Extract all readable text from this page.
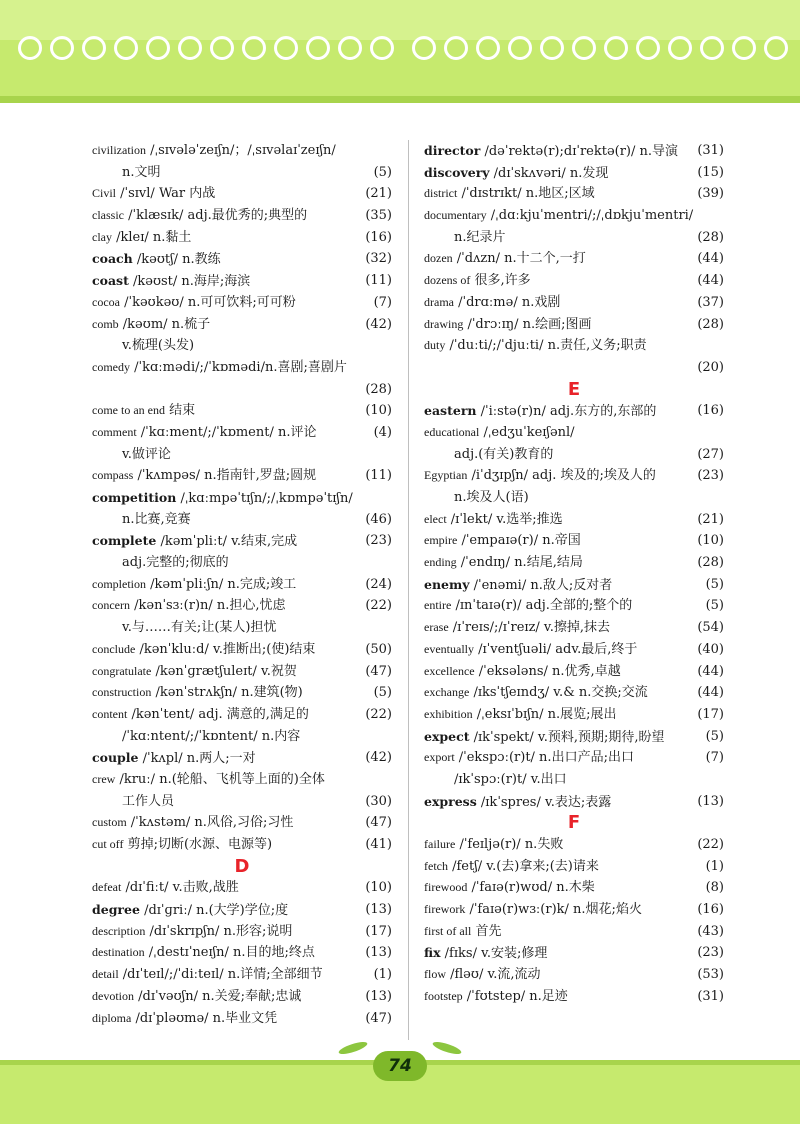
civilization /ˌsɪvələˈzeɪʃn/；/ˌsɪvəlaɪˈzeɪʃn/
n.文明	(5)
Civil /ˈsɪvl/ War 内战	(21)
classic /ˈklæsɪk/ adj.最优秀的;典型的	(35)
clay /kleɪ/ n.黏土	(16)
coach /kəʊtʃ/ n.教练	(32)
coast /kəʊst/ n.海岸;海滨	(11)
cocoa /ˈkəʊkəʊ/ n.可可饮料;可可粉	(7)
comb /kəʊm/ n.梳子	(42)
v.梳理(头发)
comedy /ˈkɑːmədi/;/ˈkɒmədi/n.喜剧;喜剧片
(28)
come to an end 结束	(10)
comment /ˈkɑːment/;/ˈkɒment/ n.评论	(4)
v.做评论
compass /ˈkʌmpəs/ n.指南针,罗盘;圆规	(11)
competition /ˌkɑːmpəˈtɪʃn/;/ˌkɒmpəˈtɪʃn/
n.比赛,竞赛	(46)
complete /kəmˈpliːt/ v.结束,完成	(23)
adj.完整的;彻底的
completion /kəmˈpliːʃn/ n.完成;竣工	(24)
concern /kənˈsɜː(r)n/ n.担心,忧虑	(22)
v.与……有关;让(某人)担忧
conclude /kənˈkluːd/ v.推断出;(使)结束	(50)
congratulate /kənˈɡrætʃuleɪt/ v.祝贺	(47)
construction /kənˈstrʌkʃn/ n.建筑(物)	(5)
content /kənˈtent/ adj. 满意的,满足的	(22)
/ˈkɑːntent/;/ˈkɒntent/ n.内容
couple /ˈkʌpl/ n.两人;一对	(42)
crew /kruː/ n.(轮船、飞机等上面的)全体
工作人员	(30)
custom /ˈkʌstəm/ n.风俗,习俗;习性	(47)
cut off 剪掉;切断(水源、电源等)	(41)
D
defeat /dɪˈfiːt/ v.击败,战胜	(10)
degree /dɪˈɡriː/ n.(大学)学位;度	(13)
description /dɪˈskrɪpʃn/ n.形容;说明	(17)
destination /ˌdestɪˈneɪʃn/ n.目的地;终点	(13)
detail /dɪˈteɪl/;/ˈdiːteɪl/ n.详情;全部细节	(1)
devotion /dɪˈvəʊʃn/ n.关爱;奉献;忠诚	(13)
diploma /dɪˈpləʊmə/ n.毕业文凭	(47)
director /dəˈrektə(r);dɪˈrektə(r)/ n.导演 (31)
discovery /dɪˈskʌvəri/ n.发现	(15)
district /ˈdɪstrɪkt/ n.地区;区域	(39)
documentary /ˌdɑːkjuˈmentri/;/ˌdɒkjuˈmentri/
n.纪录片	(28)
dozen /ˈdʌzn/ n.十二个,一打	(44)
dozens of 很多,许多	(44)
drama /ˈdrɑːmə/ n.戏剧	(37)
drawing /ˈdrɔːɪŋ/ n.绘画;图画	(28)
duty /ˈduːti/;/ˈdjuːti/ n.责任,义务;职责
(20)
E
eastern /ˈiːstə(r)n/ adj.东方的,东部的	(16)
educational /ˌedʒuˈkeɪʃənl/
adj.(有关)教育的	(27)
Egyptian /iˈdʒɪpʃn/ adj. 埃及的;埃及人的	(23)
n.埃及人(语)
elect /ɪˈlekt/ v.选举;推选	(21)
empire /ˈempaɪə(r)/ n.帝国	(10)
ending /ˈendɪŋ/ n.结尾,结局	(28)
enemy /ˈenəmi/ n.敌人;反对者	(5)
entire /ɪnˈtaɪə(r)/ adj.全部的;整个的	(5)
erase /ɪˈreɪs/;/ɪˈreɪz/ v.擦掉,抹去	(54)
eventually /ɪˈventʃuəli/ adv.最后,终于	(40)
excellence /ˈeksələns/ n.优秀,卓越	(44)
exchange /ɪksˈtʃeɪndʒ/ v.& n.交换;交流	(44)
exhibition /ˌeksɪˈbɪʃn/ n.展览;展出	(17)
expect /ɪkˈspekt/ v.预料,预期;期待,盼望	(5)
export /ˈekspɔː(r)t/ n.出口产品;出口	(7)
/ɪkˈspɔː(r)t/ v.出口
express /ɪkˈspres/ v.表达;表露	(13)
F
failure /ˈfeɪljə(r)/ n.失败	(22)
fetch /fetʃ/ v.(去)拿来;(去)请来	(1)
firewood /ˈfaɪə(r)wʊd/ n.木柴	(8)
firework /ˈfaɪə(r)wɜː(r)k/ n.烟花;焰火	(16)
first of all 首先	(43)
fix /fɪks/ v.安装;修理	(23)
flow /fləʊ/ v.流,流动	(53)
footstep /ˈfʊtstep/ n.足迹	(31)
74
